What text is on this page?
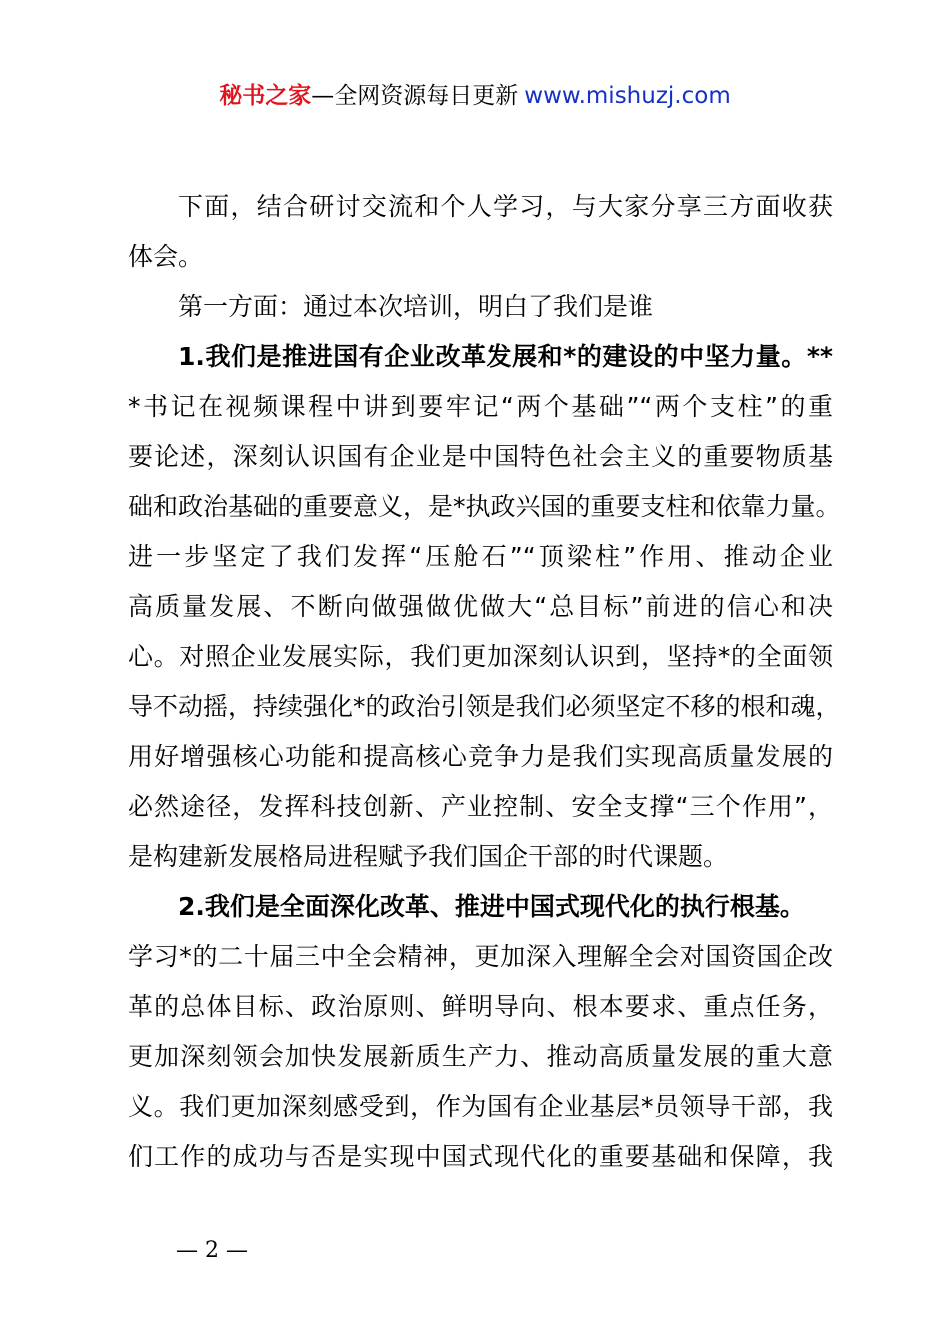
秘书之家—全网资源每日更新 www.mishuzj.com
下面，结合研讨交流和个人学习，与大家分享三方面收获
体会。
第一方面：通过本次培训，明白了我们是谁
1.我们是推进国有企业改革发展和*的建设的中坚力量。**
*书记在视频课程中讲到要牢记“两个基础”“两个支柱”的重
要论述，深刻认识国有企业是中国特色社会主义的重要物质基
础和政治基础的重要意义，是*执政兴国的重要支柱和依靠力量。
进一步坚定了我们发挥“压舱石”“顶梁柱”作用、推动企业
高质量发展、不断向做强做优做大“总目标”前进的信心和决
心。对照企业发展实际，我们更加深刻认识到，坚持*的全面领
导不动摇，持续强化*的政治引领是我们必须坚定不移的根和魂，
用好增强核心功能和提高核心竞争力是我们实现高质量发展的
必然途径，发挥科技创新、产业控制、安全支撑“三个作用”，
是构建新发展格局进程赋予我们国企干部的时代课题。
2.我们是全面深化改革、推进中国式现代化的执行根基。
学习*的二十届三中全会精神，更加深入理解全会对国资国企改
革的总体目标、政治原则、鲜明导向、根本要求、重点任务，
更加深刻领会加快发展新质生产力、推动高质量发展的重大意
义。我们更加深刻感受到，作为国有企业基层*员领导干部，我
们工作的成功与否是实现中国式现代化的重要基础和保障，我
— 2 —
